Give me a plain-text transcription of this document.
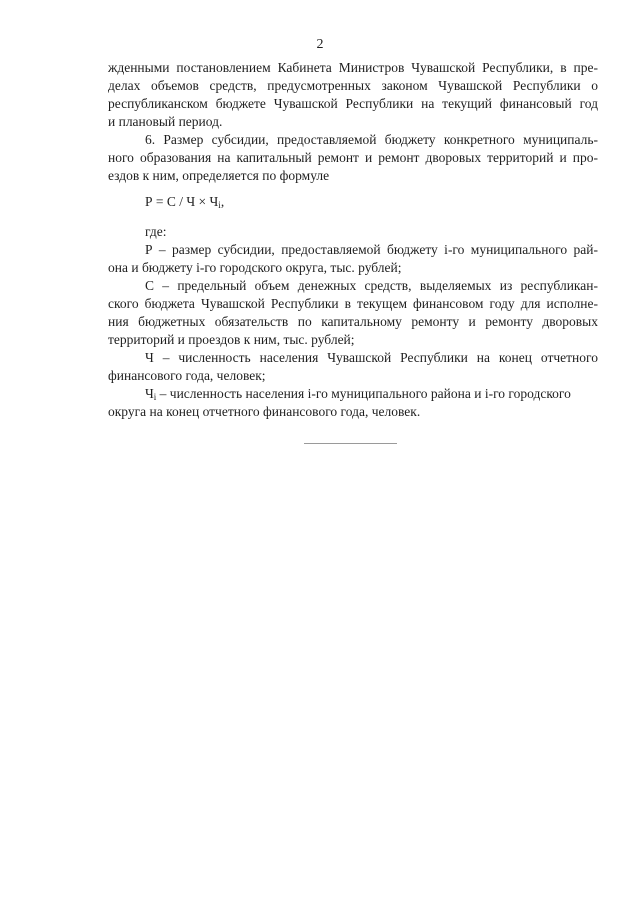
2
жденными постановлением Кабинета Министров Чувашской Республики, в пре-
делах объемов средств, предусмотренных законом Чувашской Республики о
республиканском бюджете Чувашской Республики на текущий финансовый год
и плановый период.
6. Размер субсидии, предоставляемой бюджету конкретного муниципаль-
ного образования на капитальный ремонт и ремонт дворовых территорий и про-
ездов к ним, определяется по формуле
$Р = С / Ч \times Ч_i$,
где:
Р – размер субсидии, предоставляемой бюджету i-го муниципального рай-
она и бюджету i-го городского округа, тыс. рублей;
С – предельный объем денежных средств, выделяемых из республикан-
ского бюджета Чувашской Республики в текущем финансовом году для исполне-
ния бюджетных обязательств по капитальному ремонту и ремонту дворовых
территорий и проездов к ним, тыс. рублей;
Ч – численность населения Чувашской Республики на конец отчетного
финансового года, человек;
$Ч_i$ – численность населения i-го муниципального района и i-го городского
округа на конец отчетного финансового года, человек.
